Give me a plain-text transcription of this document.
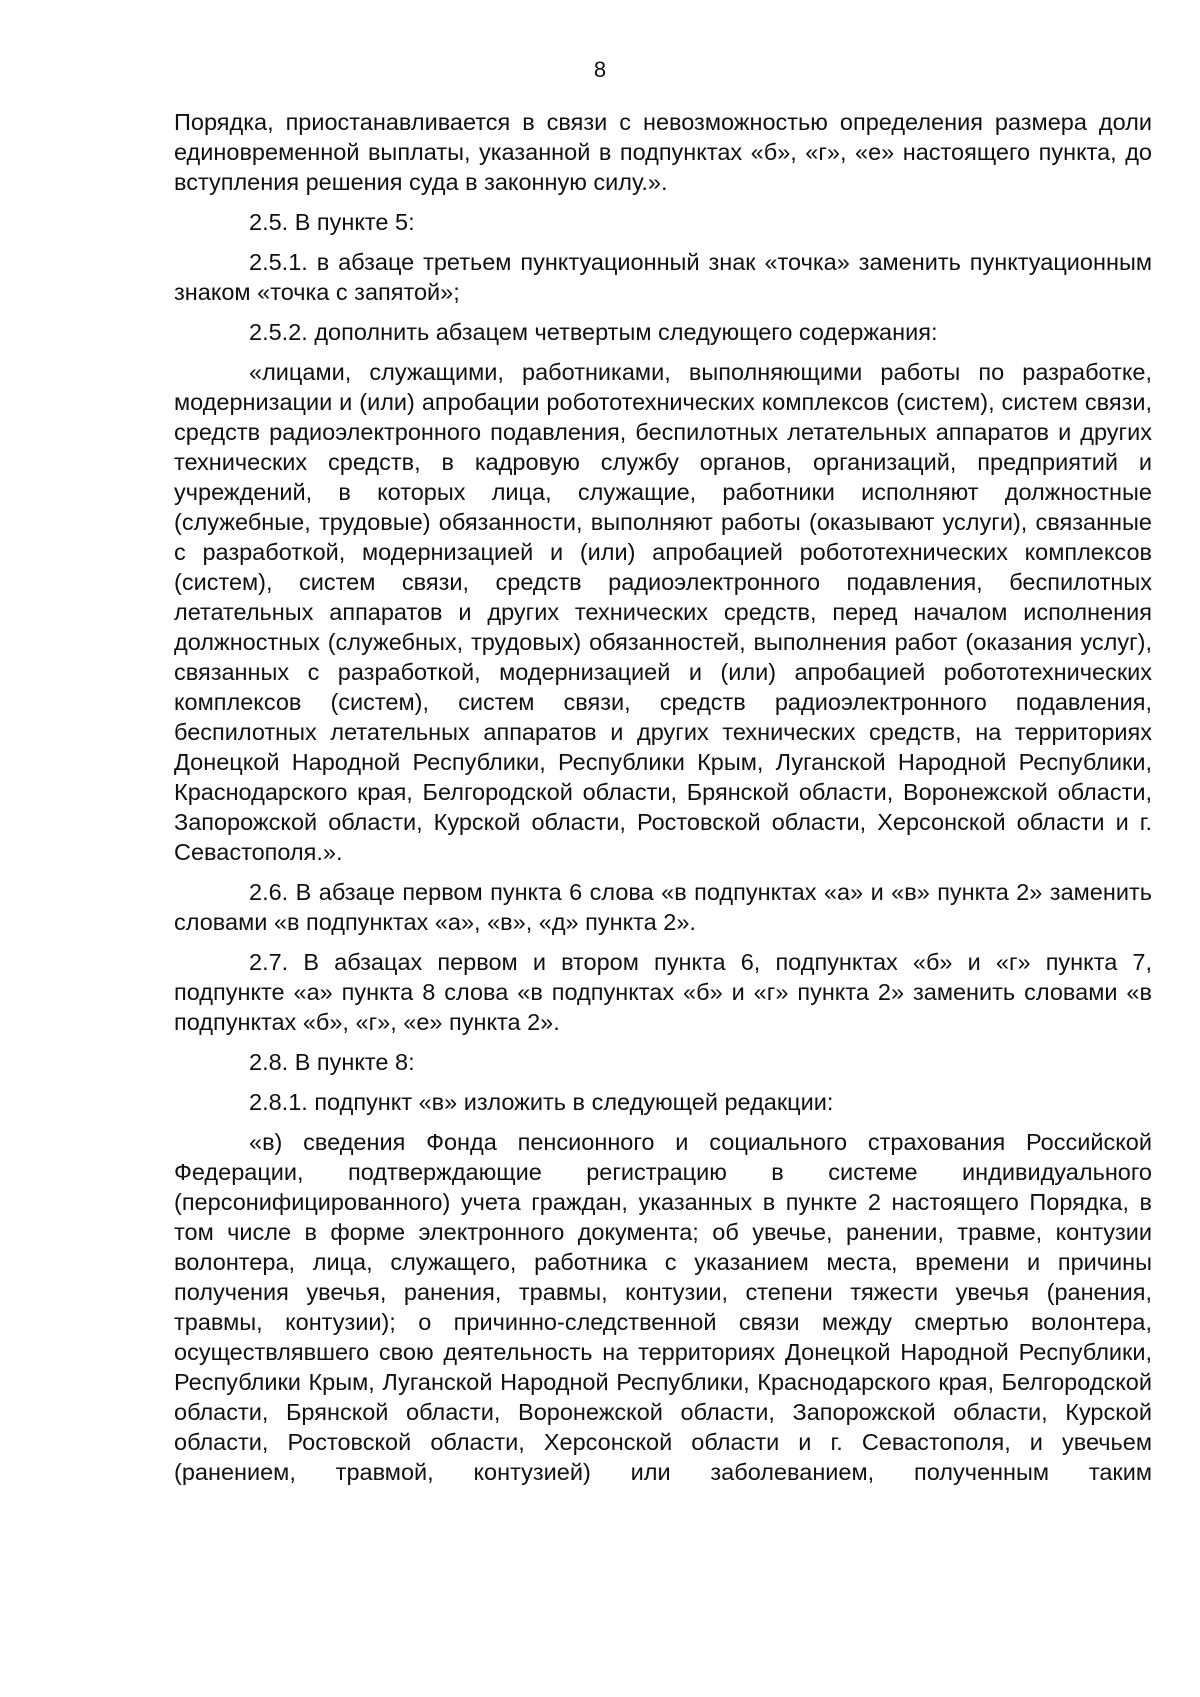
8

Порядка, приостанавливается в связи с невозможностью определения размера доли единовременной выплаты, указанной в подпунктах «б», «г», «е» настоящего пункта, до вступления решения суда в законную силу.».

2.5. В пункте 5:

2.5.1. в абзаце третьем пунктуационный знак «точка» заменить пунктуационным знаком «точка с запятой»;

2.5.2. дополнить абзацем четвертым следующего содержания:

«лицами, служащими, работниками, выполняющими работы по разработке, модернизации и (или) апробации робототехнических комплексов (систем), систем связи, средств радиоэлектронного подавления, беспилотных летательных аппаратов и других технических средств, в кадровую службу органов, организаций, предприятий и учреждений, в которых лица, служащие, работники исполняют должностные (служебные, трудовые) обязанности, выполняют работы (оказывают услуги), связанные с разработкой, модернизацией и (или) апробацией робототехнических комплексов (систем), систем связи, средств радиоэлектронного подавления, беспилотных летательных аппаратов и других технических средств, перед началом исполнения должностных (служебных, трудовых) обязанностей, выполнения работ (оказания услуг), связанных с разработкой, модернизацией и (или) апробацией робототехнических комплексов (систем), систем связи, средств радиоэлектронного подавления, беспилотных летательных аппаратов и других технических средств, на территориях Донецкой Народной Республики, Республики Крым, Луганской Народной Республики, Краснодарского края, Белгородской области, Брянской области, Воронежской области, Запорожской области, Курской области, Ростовской области, Херсонской области и г. Севастополя.».

2.6. В абзаце первом пункта 6 слова «в подпунктах «а» и «в» пункта 2» заменить словами «в подпунктах «а», «в», «д» пункта 2».

2.7. В абзацах первом и втором пункта 6, подпунктах «б» и «г» пункта 7, подпункте «а» пункта 8 слова «в подпунктах «б» и «г» пункта 2» заменить словами «в подпунктах «б», «г», «е» пункта 2».

2.8. В пункте 8:

2.8.1. подпункт «в» изложить в следующей редакции:

«в) сведения Фонда пенсионного и социального страхования Российской Федерации, подтверждающие регистрацию в системе индивидуального (персонифицированного) учета граждан, указанных в пункте 2 настоящего Порядка, в том числе в форме электронного документа; об увечье, ранении, травме, контузии волонтера, лица, служащего, работника с указанием места, времени и причины получения увечья, ранения, травмы, контузии, степени тяжести увечья (ранения, травмы, контузии); о причинно-следственной связи между смертью волонтера, осуществлявшего свою деятельность на территориях Донецкой Народной Республики, Республики Крым, Луганской Народной Республики, Краснодарского края, Белгородской области, Брянской области, Воронежской области, Запорожской области, Курской области, Ростовской области, Херсонской области и г. Севастополя, и увечьем (ранением, травмой, контузией) или заболеванием, полученным таким
